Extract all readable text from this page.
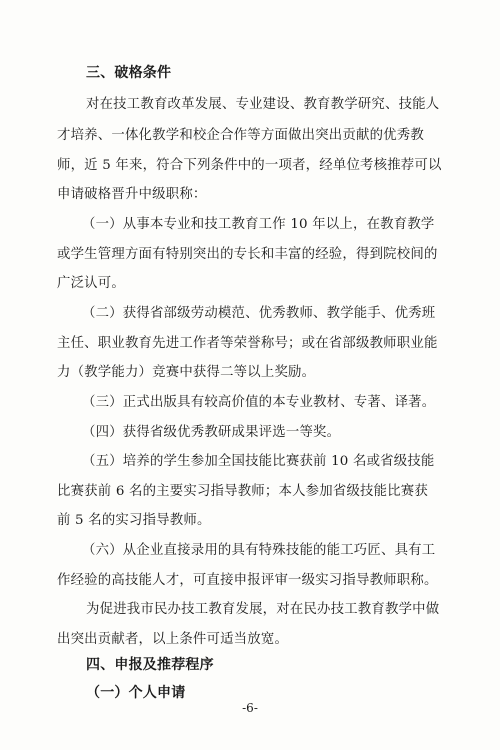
三、破格条件
对在技工教育改革发展、专业建设、教育教学研究、技能人
才培养、一体化教学和校企合作等方面做出突出贡献的优秀教
师，近 5 年来，符合下列条件中的一项者，经单位考核推荐可以
申请破格晋升中级职称：
（一）从事本专业和技工教育工作 10 年以上，在教育教学
或学生管理方面有特别突出的专长和丰富的经验，得到院校间的
广泛认可。
（二）获得省部级劳动模范、优秀教师、教学能手、优秀班
主任、职业教育先进工作者等荣誉称号；或在省部级教师职业能
力（教学能力）竞赛中获得二等以上奖励。
（三）正式出版具有较高价值的本专业教材、专著、译著。
（四）获得省级优秀教研成果评选一等奖。
（五）培养的学生参加全国技能比赛获前 10 名或省级技能
比赛获前 6 名的主要实习指导教师；本人参加省级技能比赛获
前 5 名的实习指导教师。
（六）从企业直接录用的具有特殊技能的能工巧匠、具有工
作经验的高技能人才，可直接申报评审一级实习指导教师职称。
为促进我市民办技工教育发展，对在民办技工教育教学中做
出突出贡献者，以上条件可适当放宽。
四、申报及推荐程序
（一）个人申请
-6-
